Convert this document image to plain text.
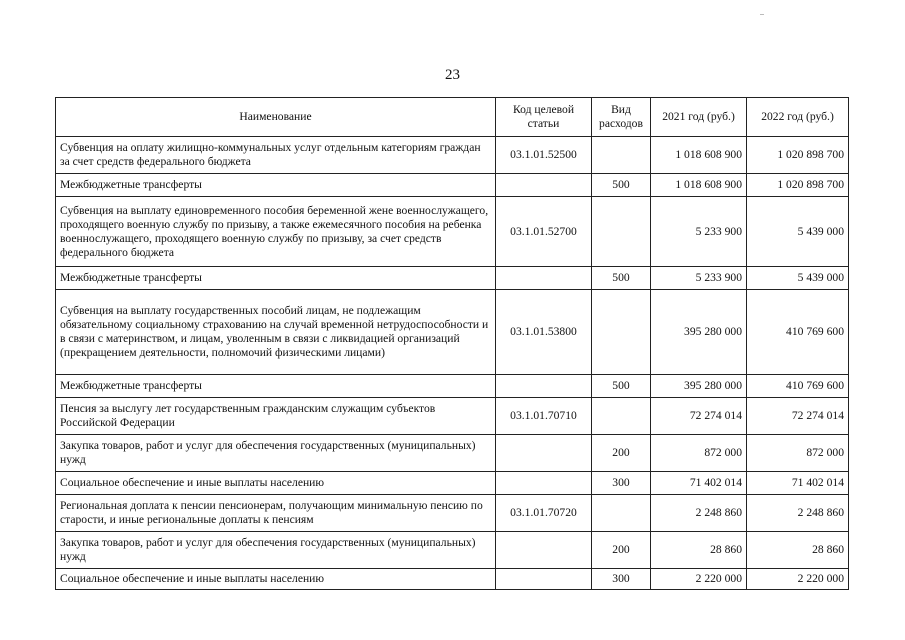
23
Наименование	Код целевой статьи	Вид расходов	2021 год (руб.)	2022 год (руб.)
Субвенция на оплату жилищно-коммунальных услуг отдельным категориям граждан за счет средств федерального бюджета	03.1.01.52500		1 018 608 900	1 020 898 700
Межбюджетные трансферты		500	1 018 608 900	1 020 898 700
Субвенция на выплату единовременного пособия беременной жене военнослужащего, проходящего военную службу по призыву, а также ежемесячного пособия на ребенка военнослужащего, проходящего военную службу по призыву, за счет средств федерального бюджета	03.1.01.52700		5 233 900	5 439 000
Межбюджетные трансферты		500	5 233 900	5 439 000
Субвенция на выплату государственных пособий лицам, не подлежащим обязательному социальному страхованию на случай временной нетрудоспособности и в связи с материнством, и лицам, уволенным в связи с ликвидацией организаций (прекращением деятельности, полномочий физическими лицами)	03.1.01.53800		395 280 000	410 769 600
Межбюджетные трансферты		500	395 280 000	410 769 600
Пенсия за выслугу лет государственным гражданским служащим субъектов Российской Федерации	03.1.01.70710		72 274 014	72 274 014
Закупка товаров, работ и услуг для обеспечения государственных (муниципальных) нужд		200	872 000	872 000
Социальное обеспечение и иные выплаты населению		300	71 402 014	71 402 014
Региональная доплата к пенсии пенсионерам, получающим минимальную пенсию по старости, и иные региональные доплаты к пенсиям	03.1.01.70720		2 248 860	2 248 860
Закупка товаров, работ и услуг для обеспечения государственных (муниципальных) нужд		200	28 860	28 860
Социальное обеспечение и иные выплаты населению		300	2 220 000	2 220 000
